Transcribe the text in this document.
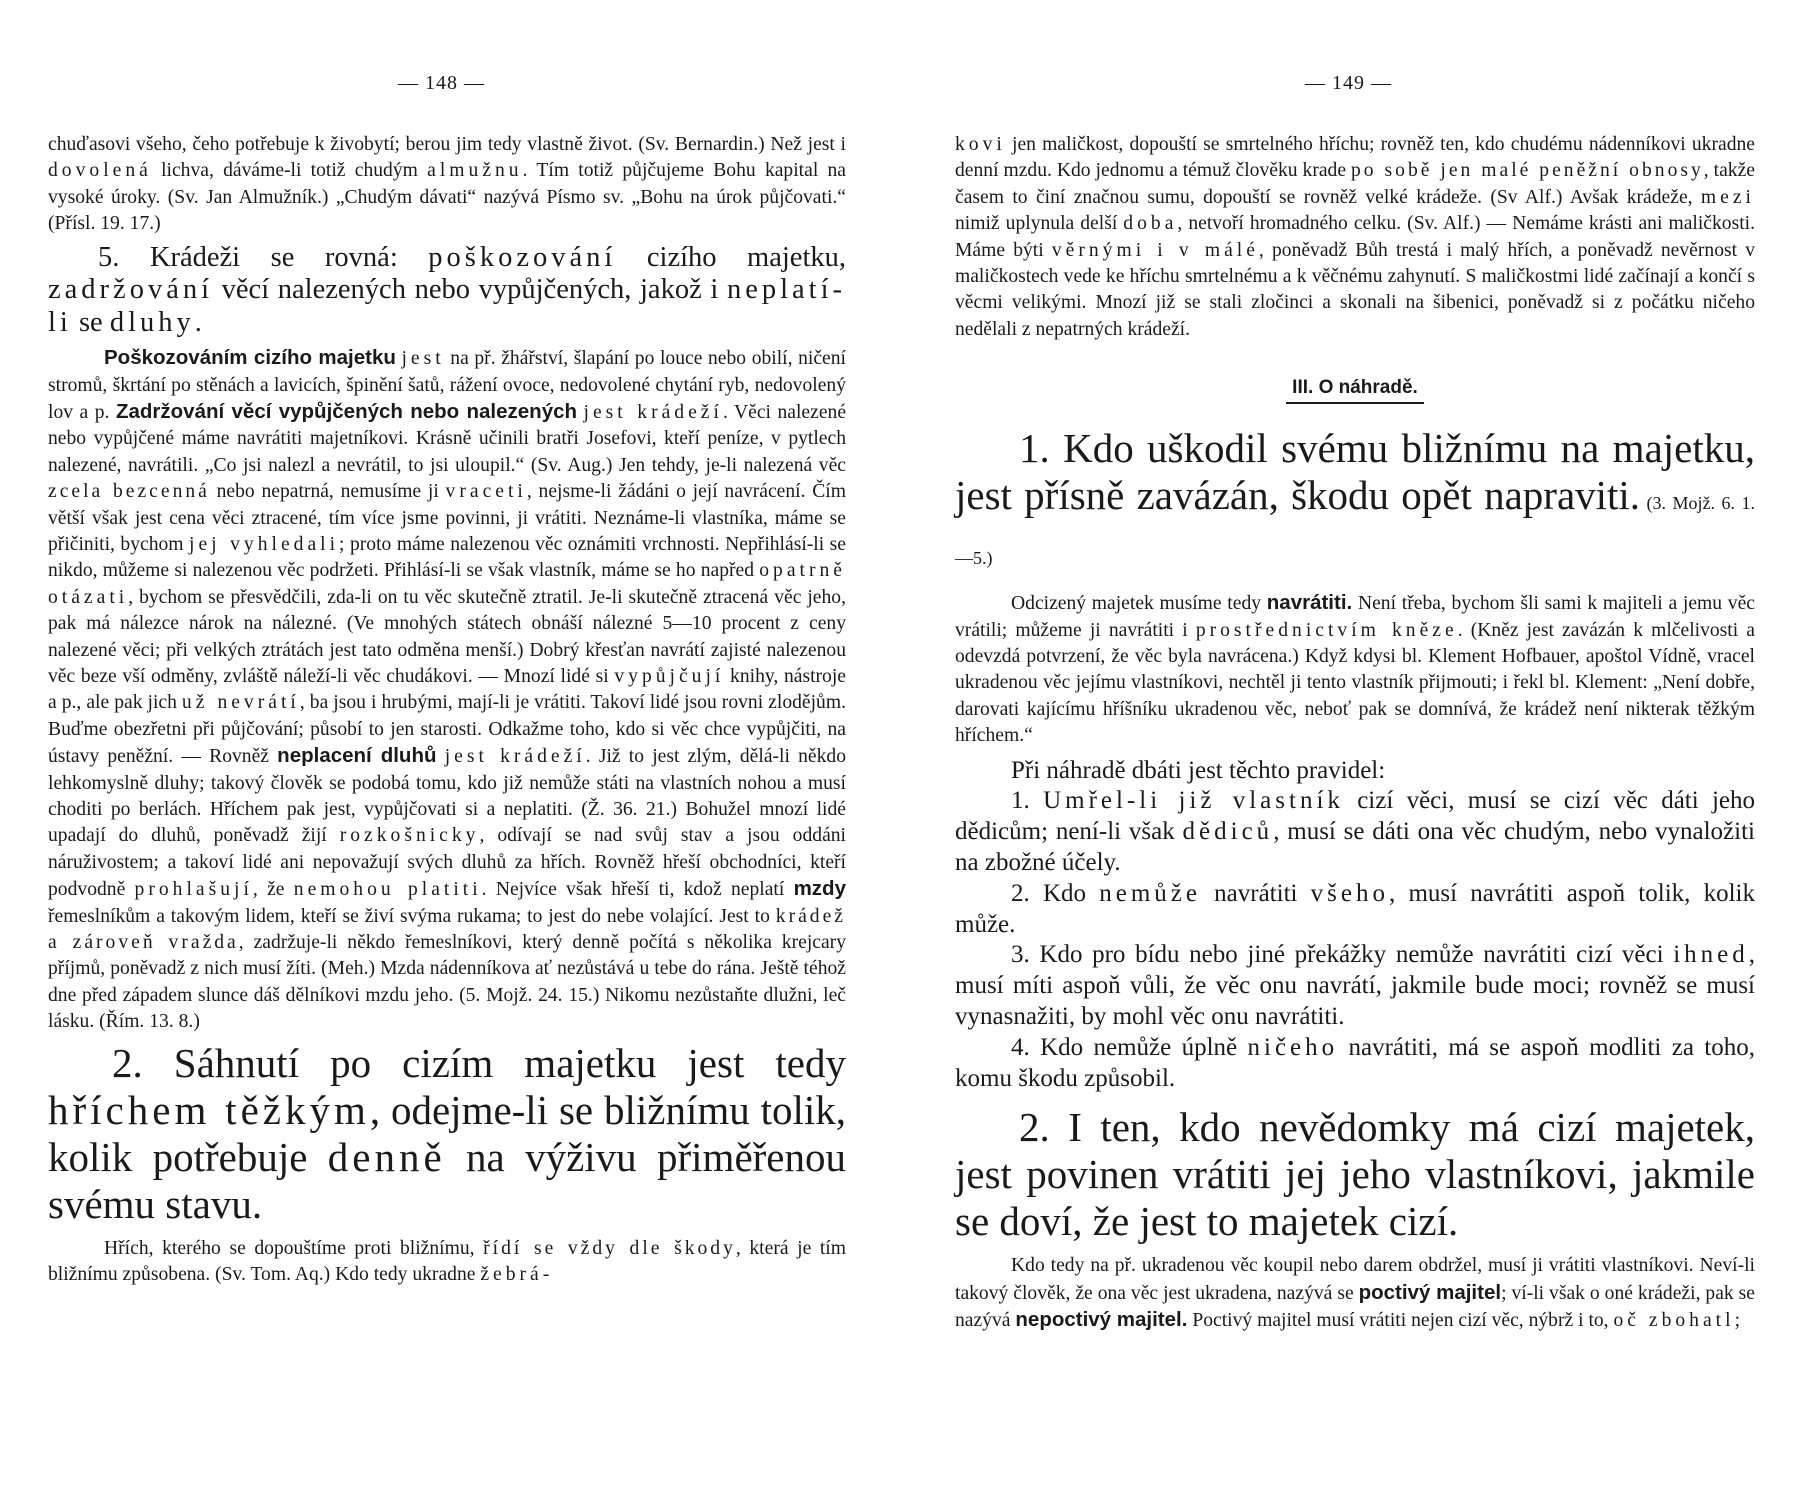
— 148 —

chuďasovi všeho, čeho potřebuje k živobytí; berou jim tedy vlastně život. (Sv. Bernardin.) Než jest i dovolená lichva, dáváme-li totiž chudým almužnu. Tím totiž půjčujeme Bohu kapital na vysoké úroky. (Sv. Jan Almužník.) „Chudým dávati“ nazývá Písmo sv. „Bohu na úrok půjčovati.“ (Přísl. 19. 17.)

5. Krádeži se rovná: poškozování cizího majetku, zadržování věcí nalezených nebo vypůjčených, jakož i neplatí-li se dluhy.

Poškozováním cizího majetku jest na př. žhářství, šlapání po louce nebo obilí, ničení stromů, škrtání po stěnách a lavicích, špinění šatů, rážení ovoce, nedovolené chytání ryb, nedovolený lov a p. Zadržování věcí vypůjčených nebo nalezených jest krádeží. Věci nalezené nebo vypůjčené máme navrátiti majetníkovi. Krásně učinili bratři Josefovi, kteří peníze, v pytlech nalezené, navrátili. „Co jsi nalezl a nevrátil, to jsi uloupil.“ (Sv. Aug.) Jen tehdy, je-li nalezená věc zcela bezcenná nebo nepatrná, nemusíme ji vraceti, nejsme-li žádáni o její navrácení. Čím větší však jest cena věci ztracené, tím více jsme povinni, ji vrátiti. Neznáme-li vlastníka, máme se přičiniti, bychom jej vyhledali; proto máme nalezenou věc oznámiti vrchnosti. Nepřihlásí-li se nikdo, můžeme si nalezenou věc podržeti. Přihlásí-li se však vlastník, máme se ho napřed opatrně otázati, bychom se přesvědčili, zda-li on tu věc skutečně ztratil. Je-li skutečně ztracená věc jeho, pak má nálezce nárok na nálezné. (Ve mnohých státech obnáší nálezné 5—10 procent z ceny nalezené věci; při velkých ztrátách jest tato odměna menší.) Dobrý křesťan navrátí zajisté nalezenou věc beze vší odměny, zvláště náleží-li věc chudákovi. — Mnozí lidé si vypůjčují knihy, nástroje a p., ale pak jich už nevrátí, ba jsou i hrubými, mají-li je vrátiti. Takoví lidé jsou rovni zlodějům. Buďme obezřetni při půjčování; působí to jen starosti. Odkažme toho, kdo si věc chce vypůjčiti, na ústavy peněžní. — Rovněž neplacení dluhů jest krádeží. Již to jest zlým, dělá-li někdo lehkomyslně dluhy; takový člověk se podobá tomu, kdo již nemůže státi na vlastních nohou a musí choditi po berlách. Hříchem pak jest, vypůjčovati si a neplatiti. (Ž. 36. 21.) Bohužel mnozí lidé upadají do dluhů, poněvadž žijí rozkošnicky, odívají se nad svůj stav a jsou oddáni náruživostem; a takoví lidé ani nepovažují svých dluhů za hřích. Rovněž hřeší obchodníci, kteří podvodně prohlašují, že nemohou platiti. Nejvíce však hřeší ti, kdož neplatí mzdy řemeslníkům a takovým lidem, kteří se živí svýma rukama; to jest do nebe volající. Jest to krádež a zároveň vražda, zadržuje-li někdo řemeslníkovi, který denně počítá s několika krejcary příjmů, poněvadž z nich musí žíti. (Meh.) Mzda nádenníkova ať nezůstává u tebe do rána. Ještě téhož dne před západem slunce dáš dělníkovi mzdu jeho. (5. Mojž. 24. 15.) Nikomu nezůstaňte dlužni, leč lásku. (Řím. 13. 8.)

2. Sáhnutí po cizím majetku jest tedy hříchem těžkým, odejme-li se bližnímu tolik, kolik potřebuje denně na výživu přiměřenou svému stavu.

Hřích, kterého se dopouštíme proti bližnímu, řídí se vždy dle škody, která je tím bližnímu způsobena. (Sv. Tom. Aq.) Kdo tedy ukradne žebrá-

— 149 —

kovi jen maličkost, dopouští se smrtelného hříchu; rovněž ten, kdo chudému nádenníkovi ukradne denní mzdu. Kdo jednomu a témuž člověku krade po sobě jen malé peněžní obnosy, takže časem to činí značnou sumu, dopouští se rovněž velké krádeže. (Sv Alf.) Avšak krádeže, mezi nimiž uplynula delší doba, netvoří hromadného celku. (Sv. Alf.) — Nemáme krásti ani maličkosti. Máme býti věrnými i v málé, poněvadž Bůh trestá i malý hřích, a poněvadž nevěrnost v maličkostech vede ke hříchu smrtelnému a k věčnému zahynutí. S maličkostmi lidé začínají a končí s věcmi velikými. Mnozí již se stali zločinci a skonali na šibenici, poněvadž si z počátku ničeho nedělali z nepatrných krádeží.

III. O náhradě.

1. Kdo uškodil svému bližnímu na majetku, jest přísně zavázán, škodu opět napraviti. (3. Mojž. 6. 1.—5.)

Odcizený majetek musíme tedy navrátiti. Není třeba, bychom šli sami k majiteli a jemu věc vrátili; můžeme ji navrátiti i prostřednictvím kněze. (Kněz jest zavázán k mlčelivosti a odevzdá potvrzení, že věc byla navrácena.) Když kdysi bl. Klement Hofbauer, apoštol Vídně, vracel ukradenou věc jejímu vlastníkovi, nechtěl ji tento vlastník přijmouti; i řekl bl. Klement: „Není dobře, darovati kajícímu hříšníku ukradenou věc, neboť pak se domnívá, že krádež není nikterak těžkým hříchem.“

Při náhradě dbáti jest těchto pravidel:

1. Umřel-li již vlastník cizí věci, musí se cizí věc dáti jeho dědicům; není-li však dědiců, musí se dáti ona věc chudým, nebo vynaložiti na zbožné účely.

2. Kdo nemůže navrátiti všeho, musí navrátiti aspoň tolik, kolik může.

3. Kdo pro bídu nebo jiné překážky nemůže navrátiti cizí věci ihned, musí míti aspoň vůli, že věc onu navrátí, jakmile bude moci; rovněž se musí vynasnažiti, by mohl věc onu navrátiti.

4. Kdo nemůže úplně ničeho navrátiti, má se aspoň modliti za toho, komu škodu způsobil.

2. I ten, kdo nevědomky má cizí majetek, jest povinen vrátiti jej jeho vlastníkovi, jakmile se doví, že jest to majetek cizí.

Kdo tedy na př. ukradenou věc koupil nebo darem obdržel, musí ji vrátiti vlastníkovi. Neví-li takový člověk, že ona věc jest ukradena, nazývá se poctivý majitel; ví-li však o oné krádeži, pak se nazývá nepoctivý majitel. Poctivý majitel musí vrátiti nejen cizí věc, nýbrž i to, oč zbohatl;
